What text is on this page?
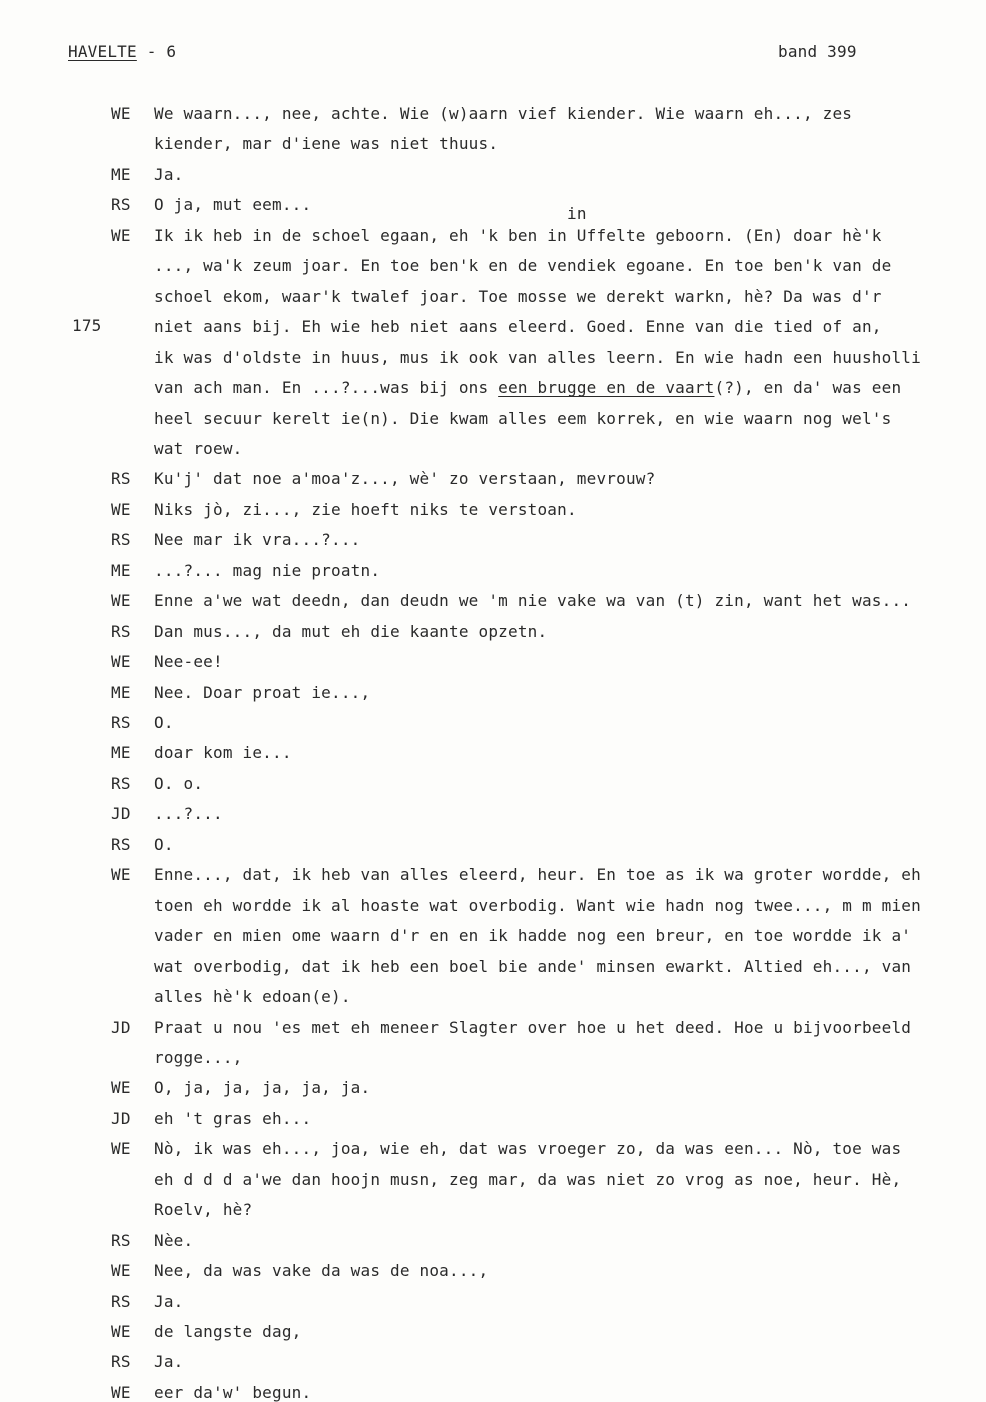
HAVELTE - 6	band 399
in
175
WE We waarn..., nee, achte. Wie (w)aarn vief kiender. Wie waarn eh..., zes
kiender, mar d'iene was niet thuus.
ME Ja.
RS O ja, mut eem...
WE Ik ik heb in de schoel egaan, eh 'k ben in Uffelte geboorn. (En) doar hè'k
..., wa'k zeum joar. En toe ben'k en de vendiek egoane. En toe ben'k van de
schoel ekom, waar'k twalef joar. Toe mosse we derekt warkn, hè? Da was d'r
niet aans bij. Eh wie heb niet aans eleerd. Goed. Enne van die tied of an,
ik was d'oldste in huus, mus ik ook van alles leern. En wie hadn een huusholli
van ach man. En ...?...was bij ons een brugge en de vaart(?), en da' was een
heel secuur kerelt ie(n). Die kwam alles eem korrek, en wie waarn nog wel's
wat roew.
RS Ku'j' dat noe a'moa'z..., wè' zo verstaan, mevrouw?
WE Niks jò, zi..., zie hoeft niks te verstoan.
RS Nee mar ik vra...?...
ME ...?... mag nie proatn.
WE Enne a'we wat deedn, dan deudn we 'm nie vake wa van (t) zin, want het was...
RS Dan mus..., da mut eh die kaante opzetn.
WE Nee-ee!
ME Nee. Doar proat ie...,
RS O.
ME doar kom ie...
RS O. o.
JD ...?...
RS O.
WE Enne..., dat, ik heb van alles eleerd, heur. En toe as ik wa groter wordde, eh
toen eh wordde ik al hoaste wat overbodig. Want wie hadn nog twee..., m m mien
vader en mien ome waarn d'r en en ik hadde nog een breur, en toe wordde ik a'
wat overbodig, dat ik heb een boel bie ande' minsen ewarkt. Altied eh..., van
alles hè'k edoan(e).
JD Praat u nou 'es met eh meneer Slagter over hoe u het deed. Hoe u bijvoorbeeld
rogge...,
WE O, ja, ja, ja, ja, ja.
JD eh 't gras eh...
WE Nò, ik was eh..., joa, wie eh, dat was vroeger zo, da was een... Nò, toe was
eh d d d a'we dan hoojn musn, zeg mar, da was niet zo vrog as noe, heur. Hè,
Roelv, hè?
RS Nèe.
WE Nee, da was vake da was de noa...,
RS Ja.
WE de langste dag,
RS Ja.
WE eer da'w' begun.
